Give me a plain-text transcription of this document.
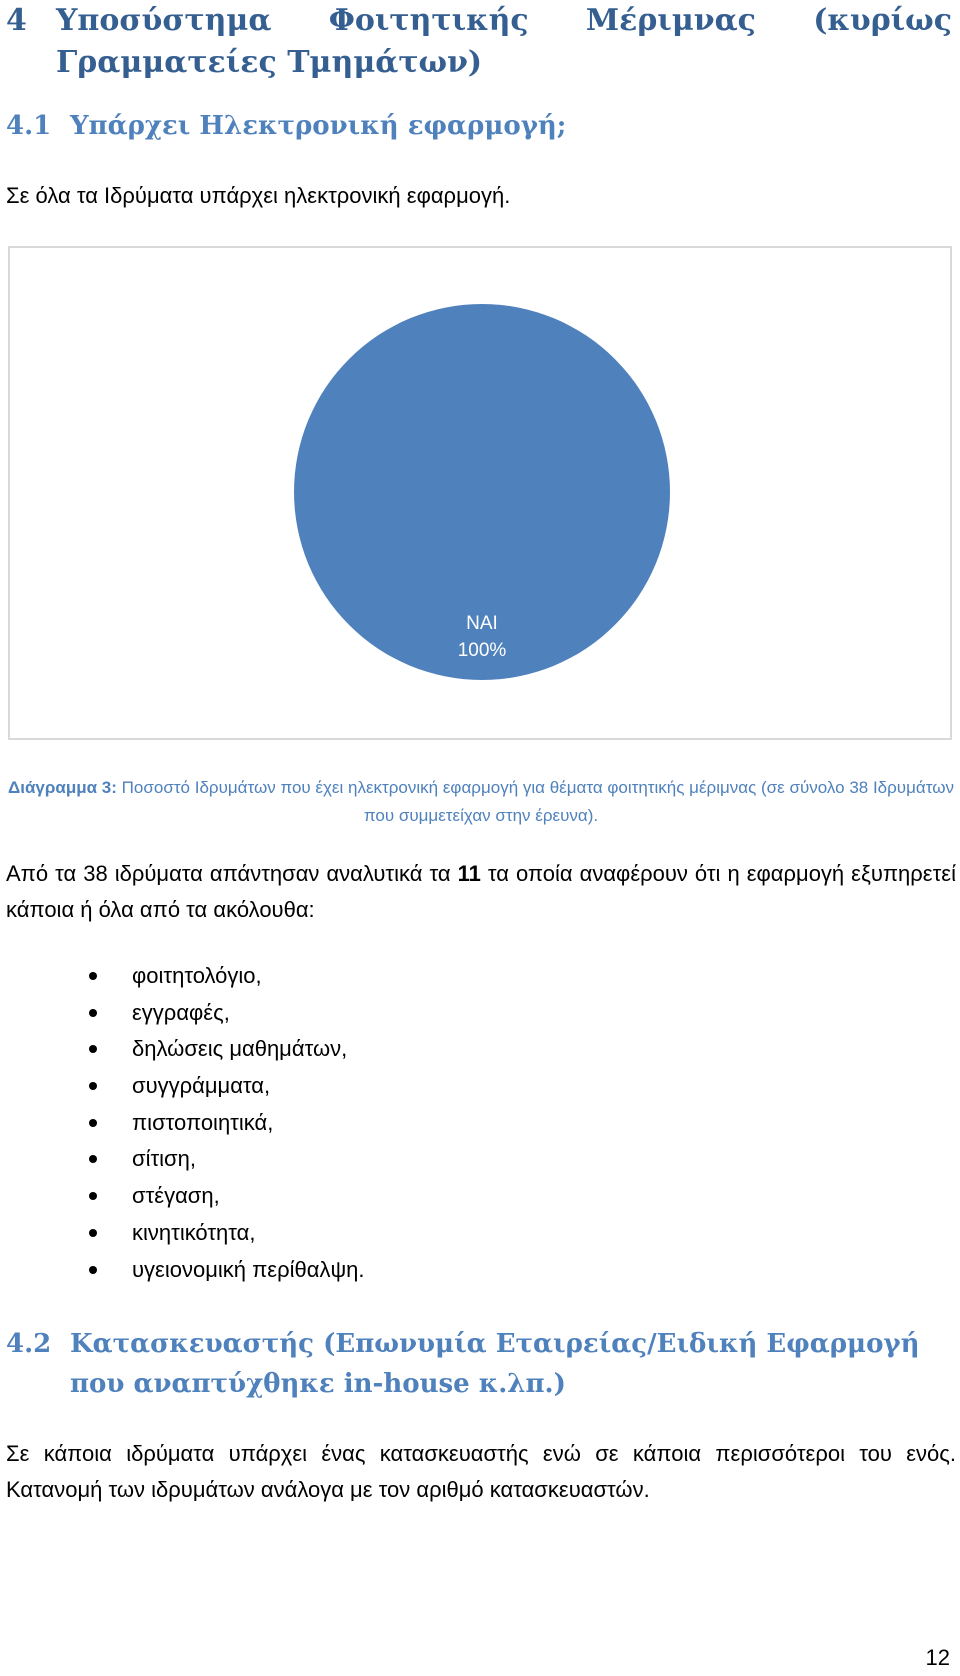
4 Υποσύστημα Φοιτητικής Μέριμνας (κυρίως Γραμματείες Τμημάτων)
4.1 Υπάρχει Ηλεκτρονική εφαρμογή;

Σε όλα τα Ιδρύματα υπάρχει ηλεκτρονική εφαρμογή.

ΝΑΙ
100%
Διάγραμμα 3: Ποσοστό Ιδρυμάτων που έχει ηλεκτρονική εφαρμογή για θέματα φοιτητικής μέριμνας (σε σύνολο 38 Ιδρυμάτων που συμμετείχαν στην έρευνα).

Από τα 38 ιδρύματα απάντησαν αναλυτικά τα 11 τα οποία αναφέρουν ότι η εφαρμογή εξυπηρετεί κάποια ή όλα από τα ακόλουθα:

φοιτητολόγιο,
εγγραφές,
δηλώσεις μαθημάτων,
συγγράμματα,
πιστοποιητικά,
σίτιση,
στέγαση,
κινητικότητα,
υγειονομική περίθαλψη.
4.2 Κατασκευαστής (Επωνυμία Εταιρείας/Ειδική Εφαρμογή που αναπτύχθηκε in-house κ.λπ.)

Σε κάποια ιδρύματα υπάρχει ένας κατασκευαστής ενώ σε κάποια περισσότεροι του ενός. Κατανομή των ιδρυμάτων ανάλογα με τον αριθμό κατασκευαστών.

12
